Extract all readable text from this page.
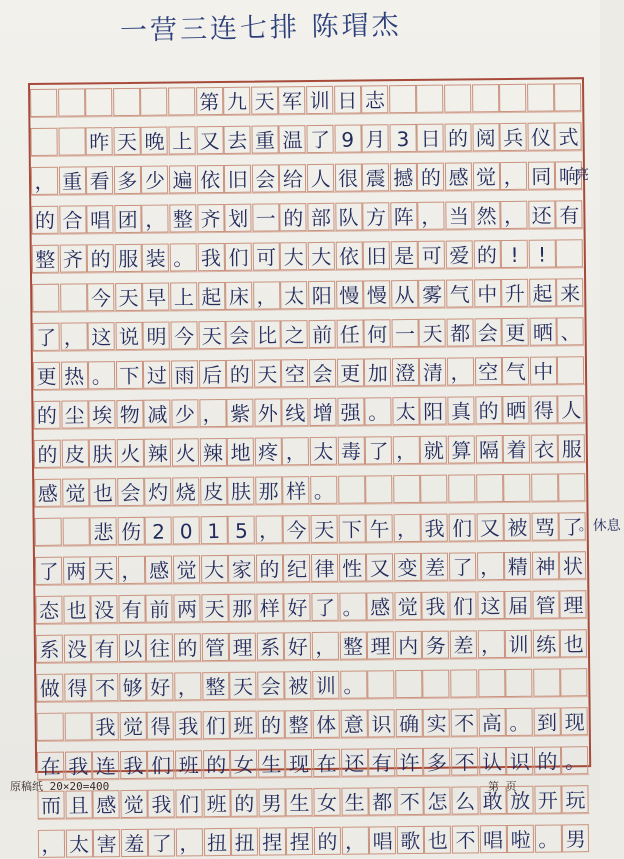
一营三连七排 陈瑁杰
第 九 天 军 训 日 志
昨 天 晚 上 又 去 重 温 了 9 月 3 日 的 阅 兵 仪 式
， 重 看 多 少 遍 依 旧 会 给 人 很 震 撼 的 感 觉 ， 同 响
亮
的 合 唱 团 ， 整 齐 划 一 的 部 队 方 阵 ， 当 然 ， 还 有
整 齐 的 服 装 。 我 们 可 大 大 依 旧 是 可 爱 的 ! !
今 天 早 上 起 床 ， 太 阳 慢 慢 从 雾 气 中 升 起 来
了 ， 这 说 明 今 天 会 比 之 前 任 何 一 天 都 会 更 晒 、
更 热 。 下 过 雨 后 的 天 空 会 更 加 澄 清 ， 空 气 中
的 尘 埃 物 减 少 ， 紫 外 线 增 强 。 太 阳 真 的 晒 得 人
的 皮 肤 火 辣 火 辣 地 疼 ， 太 毒 了 ， 就 算 隔 着 衣 服
感 觉 也 会 灼 烧 皮 肤 那 样 。
悲 伤 2 0 1 5 ， 今 天 下 午 ， 我 们 又 被 骂 了
。休息
了 两 天 ， 感 觉 大 家 的 纪 律 性 又 变 差 了 ， 精 神 状
态 也 没 有 前 两 天 那 样 好 了 。 感 觉 我 们 这 届 管 理
系 没 有 以 往 的 管 理 系 好 ， 整 理 内 务 差 ， 训 练 也
做 得 不 够 好 ， 整 天 会 被 训 。
我 觉 得 我 们 班 的 整 体 意 识 确 实 不 高 。 到 现
在 我 连 我 们 班 的 女 生 现 在 还 有 许 多 不 认 识 的 。
而 且 感 觉 我 们 班 的 男 生 女 生 都 不 怎 么 敢 放 开 玩
， 太 害 羞 了 ， 扭 扭 捏 捏 的 ， 唱 歌 也 不 唱 啦 。 男
原稿纸 20×20=400	第 页
